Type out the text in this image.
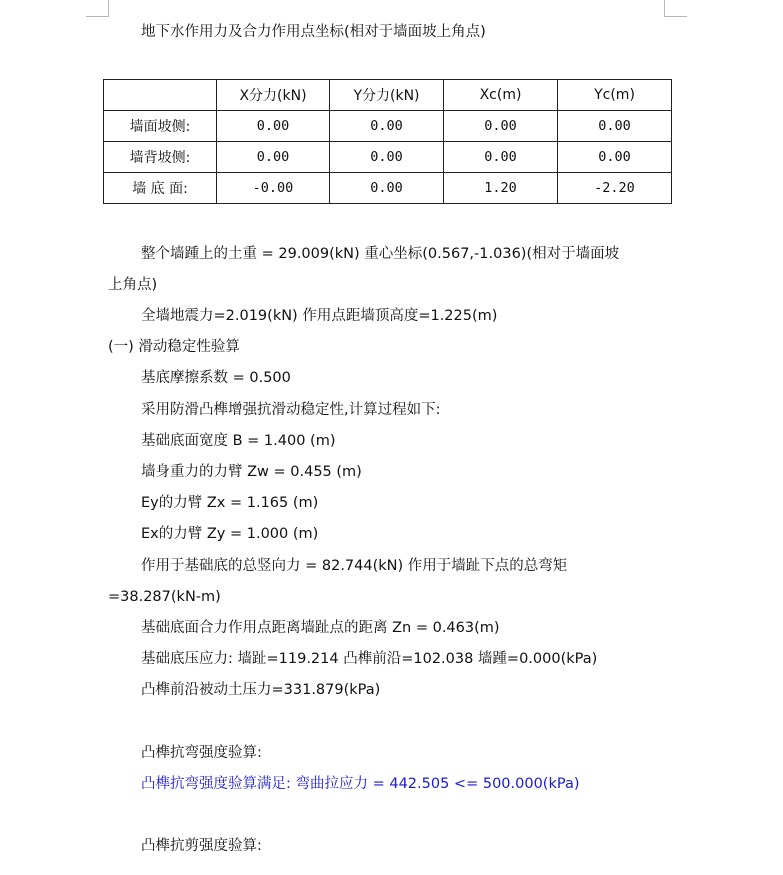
地下水作用力及合力作用点坐标(相对于墙面坡上角点)
	X分力(kN)	Y分力(kN)	Xc(m)	Yc(m)
墙面坡侧:	0.00	0.00	0.00	0.00
墙背坡侧:	0.00	0.00	0.00	0.00
墙 底 面:	-0.00	0.00	1.20	-2.20
整个墙踵上的土重 = 29.009(kN) 重心坐标(0.567,-1.036)(相对于墙面坡
上角点)
全墙地震力=2.019(kN) 作用点距墙顶高度=1.225(m)
(一) 滑动稳定性验算
基底摩擦系数 = 0.500
采用防滑凸榫增强抗滑动稳定性,计算过程如下:
基础底面宽度 B = 1.400 (m)
墙身重力的力臂 Zw = 0.455 (m)
Ey的力臂 Zx = 1.165 (m)
Ex的力臂 Zy = 1.000 (m)
作用于基础底的总竖向力 = 82.744(kN) 作用于墙趾下点的总弯矩
=38.287(kN-m)
基础底面合力作用点距离墙趾点的距离 Zn = 0.463(m)
基础底压应力: 墙趾=119.214 凸榫前沿=102.038 墙踵=0.000(kPa)
凸榫前沿被动土压力=331.879(kPa)
凸榫抗弯强度验算:
凸榫抗弯强度验算满足: 弯曲拉应力 = 442.505 <= 500.000(kPa)
凸榫抗剪强度验算:
